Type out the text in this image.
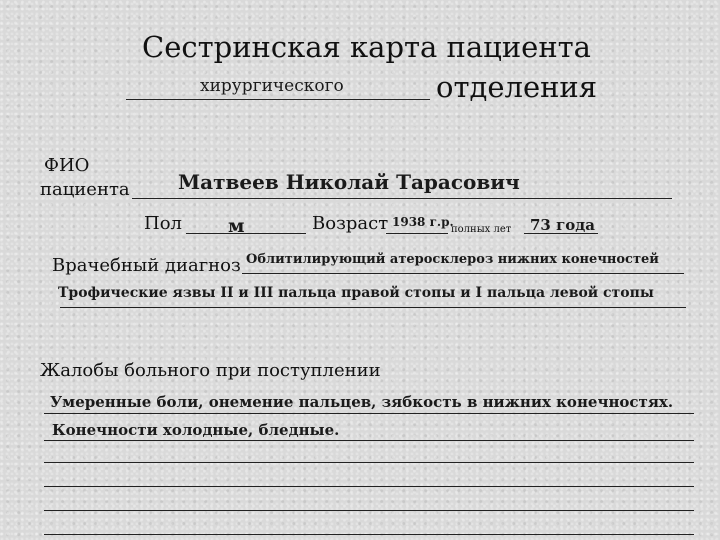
Сестринская карта пациента
хирургического	отделения
ФИО
пациента Матвеев Николай Тарасович
Пол м	Возраст 1938 г.р.
полных лет 73 года
Врачебный диагноз Облитилирующий атеросклероз нижних конечностей
Трофические язвы II и III пальца правой стопы и I пальца левой стопы
Жалобы больного при поступлении
Умеренные боли, онемение пальцев, зябкость в нижних конечностях.
Конечности холодные, бледные.
